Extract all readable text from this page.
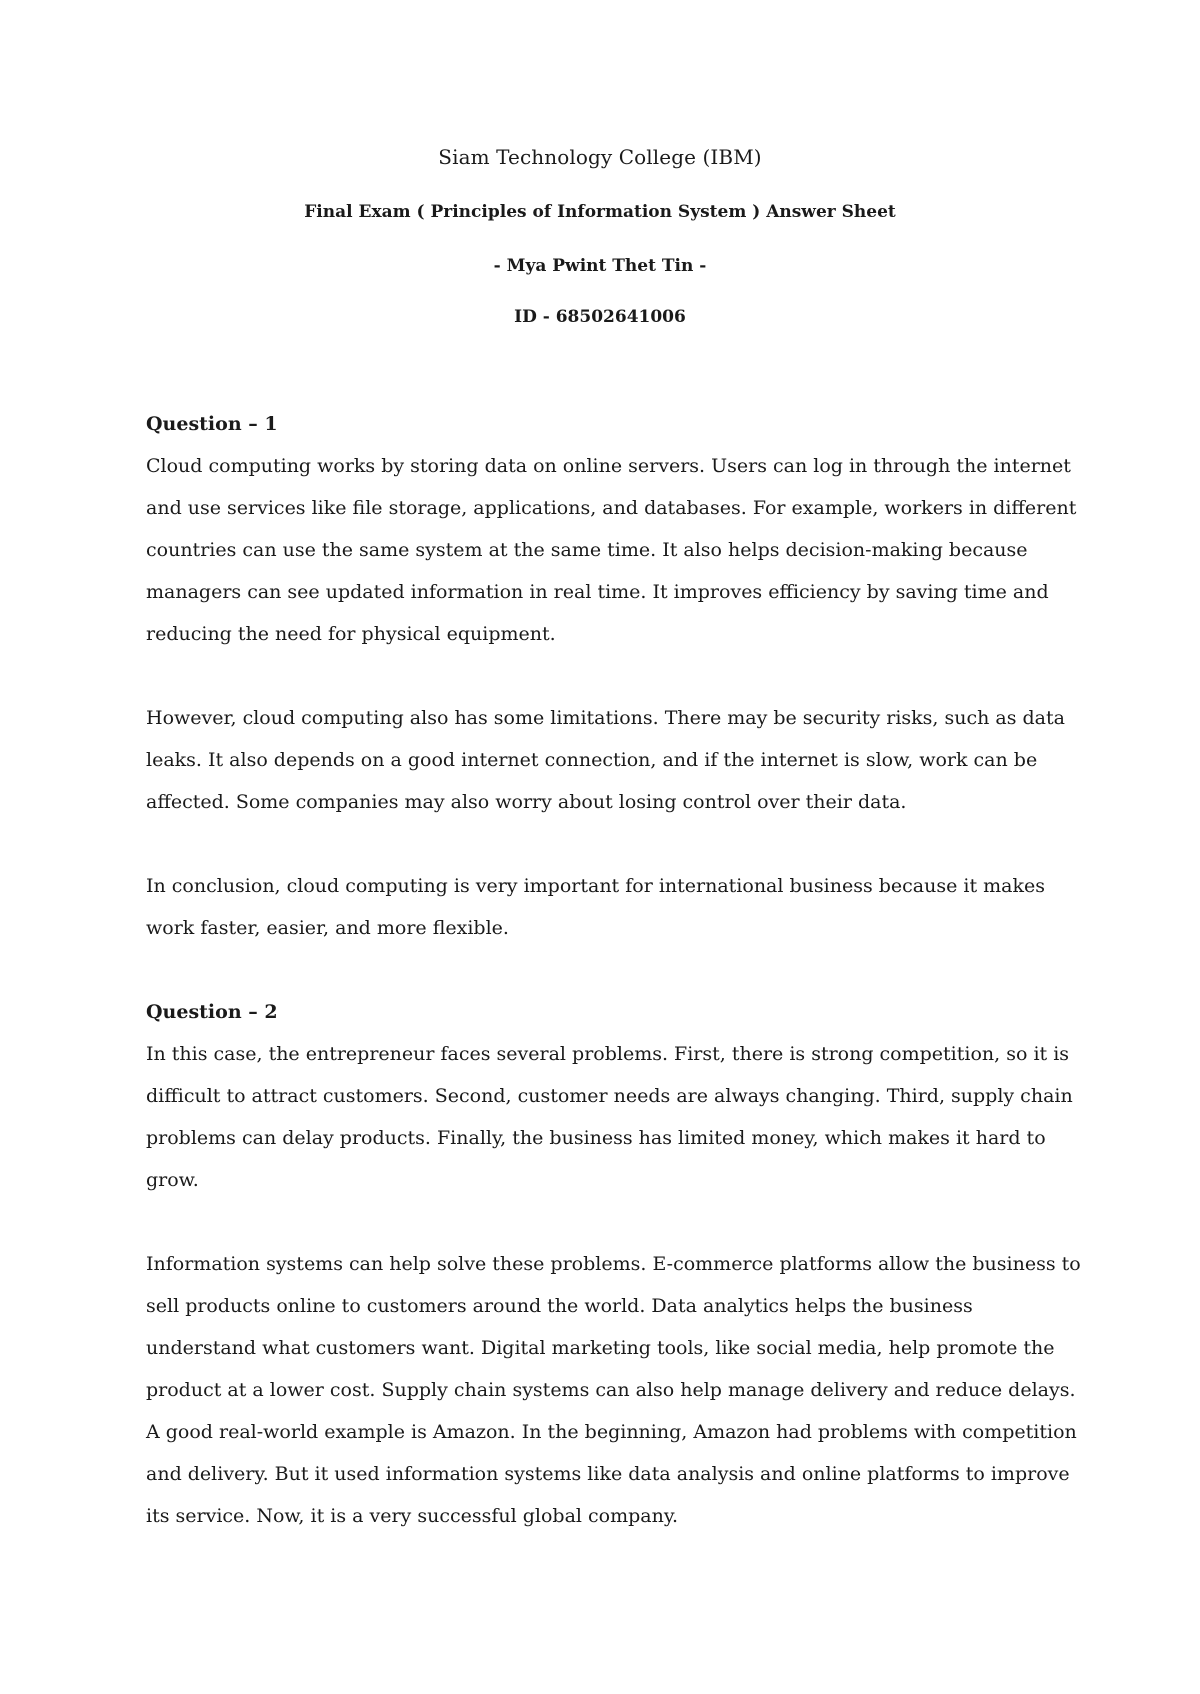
Siam Technology College (IBM)
Final Exam ( Principles of Information System ) Answer Sheet
- Mya Pwint Thet Tin -
ID - 68502641006

Question – 1

Cloud computing works by storing data on online servers. Users can log in through the internet and use services like file storage, applications, and databases. For example, workers in different countries can use the same system at the same time. It also helps decision-making because managers can see updated information in real time. It improves efficiency by saving time and reducing the need for physical equipment.

However, cloud computing also has some limitations. There may be security risks, such as data leaks. It also depends on a good internet connection, and if the internet is slow, work can be affected. Some companies may also worry about losing control over their data.

In conclusion, cloud computing is very important for international business because it makes work faster, easier, and more flexible.

Question – 2

In this case, the entrepreneur faces several problems. First, there is strong competition, so it is difficult to attract customers. Second, customer needs are always changing. Third, supply chain problems can delay products. Finally, the business has limited money, which makes it hard to grow.

Information systems can help solve these problems. E-commerce platforms allow the business to sell products online to customers around the world. Data analytics helps the business understand what customers want. Digital marketing tools, like social media, help promote the product at a lower cost. Supply chain systems can also help manage delivery and reduce delays. A good real-world example is Amazon. In the beginning, Amazon had problems with competition and delivery. But it used information systems like data analysis and online platforms to improve its service. Now, it is a very successful global company.
